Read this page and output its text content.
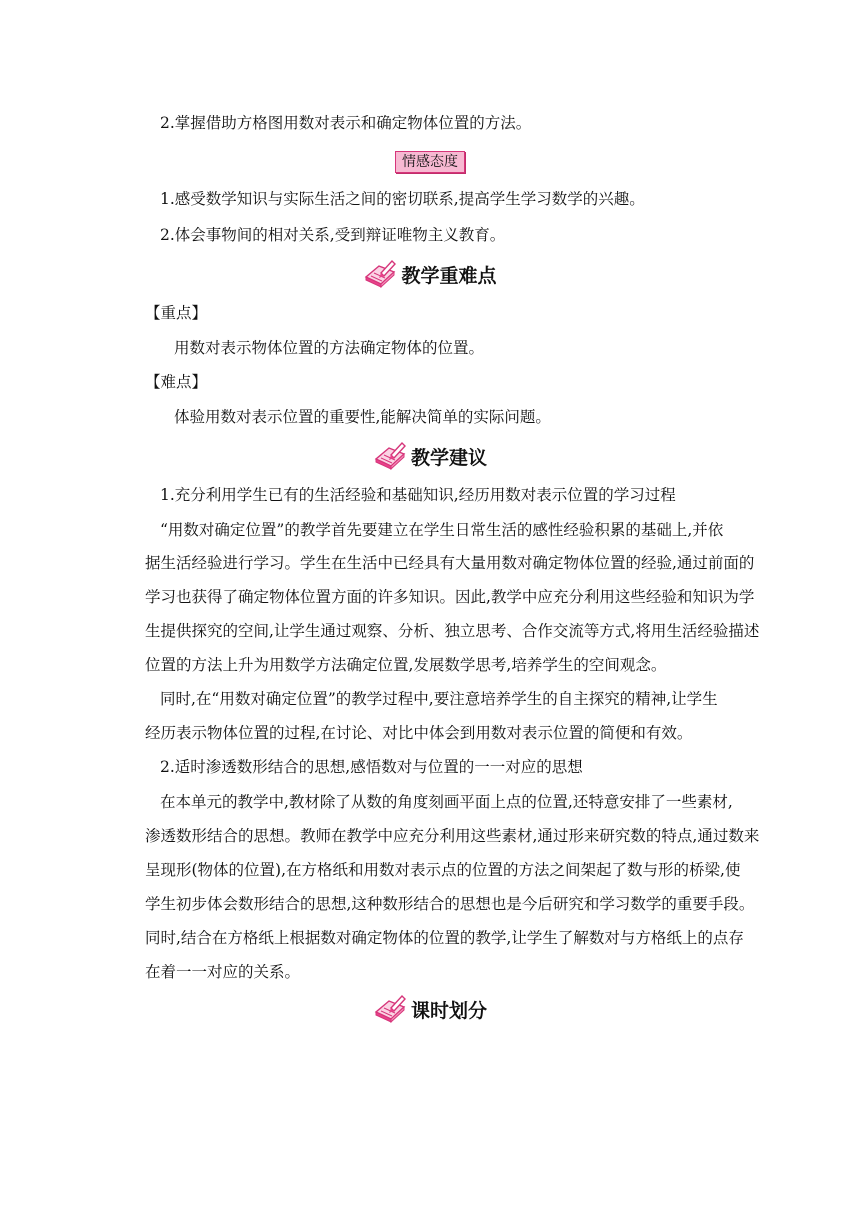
2.掌握借助方格图用数对表示和确定物体位置的方法。
情感态度
1.感受数学知识与实际生活之间的密切联系,提高学生学习数学的兴趣。
2.体会事物间的相对关系,受到辩证唯物主义教育。
教学重难点
【重点】
用数对表示物体位置的方法确定物体的位置。
【难点】
体验用数对表示位置的重要性,能解决简单的实际问题。
教学建议
1.充分利用学生已有的生活经验和基础知识,经历用数对表示位置的学习过程
“用数对确定位置”的教学首先要建立在学生日常生活的感性经验积累的基础上,并依
据生活经验进行学习。学生在生活中已经具有大量用数对确定物体位置的经验,通过前面的
学习也获得了确定物体位置方面的许多知识。因此,教学中应充分利用这些经验和知识为学
生提供探究的空间,让学生通过观察、分析、独立思考、合作交流等方式,将用生活经验描述
位置的方法上升为用数学方法确定位置,发展数学思考,培养学生的空间观念。
同时,在“用数对确定位置”的教学过程中,要注意培养学生的自主探究的精神,让学生
经历表示物体位置的过程,在讨论、对比中体会到用数对表示位置的简便和有效。
2.适时渗透数形结合的思想,感悟数对与位置的一一对应的思想
在本单元的教学中,教材除了从数的角度刻画平面上点的位置,还特意安排了一些素材,
渗透数形结合的思想。教师在教学中应充分利用这些素材,通过形来研究数的特点,通过数来
呈现形(物体的位置),在方格纸和用数对表示点的位置的方法之间架起了数与形的桥梁,使
学生初步体会数形结合的思想,这种数形结合的思想也是今后研究和学习数学的重要手段。
同时,结合在方格纸上根据数对确定物体的位置的教学,让学生了解数对与方格纸上的点存
在着一一对应的关系。
课时划分
